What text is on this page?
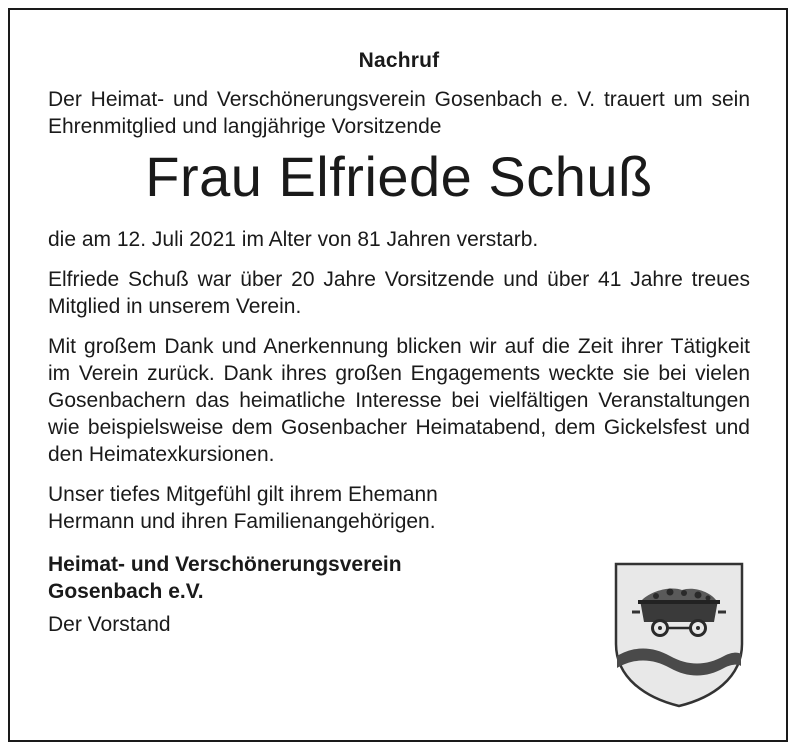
Nachruf

Der Heimat- und Verschönerungsverein Gosenbach e. V. trauert um sein Ehrenmitglied und langjährige Vorsitzende

Frau Elfriede Schuß

die am 12. Juli 2021 im Alter von 81 Jahren verstarb.

Elfriede Schuß war über 20 Jahre Vorsitzende und über 41 Jahre treues Mitglied in unserem Verein.

Mit großem Dank und Anerkennung blicken wir auf die Zeit ihrer Tätigkeit im Verein zurück. Dank ihres großen Engagements weckte sie bei vielen Gosenbachern das heimatliche Interesse bei vielfältigen Veranstaltungen wie beispielsweise dem Gosenbacher Heimatabend, dem Gickelsfest und den Heimatexkursionen.

Unser tiefes Mitgefühl gilt ihrem Ehemann
Hermann und ihren Familienangehörigen.

Heimat- und Verschönerungsverein
Gosenbach e.V.
Der Vorstand
